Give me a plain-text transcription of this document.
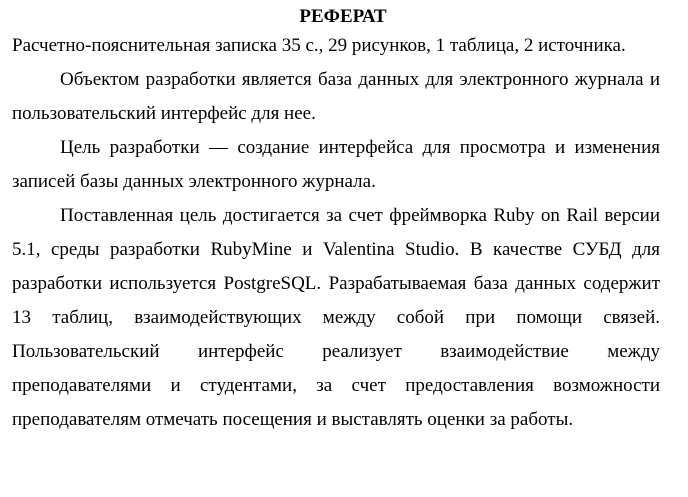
РЕФЕРАТ

Расчетно-пояснительная записка 35 с., 29 рисунков, 1 таблица, 2 источника.

Объектом разработки является база данных для электронного журнала и пользовательский интерфейс для нее.

Цель разработки — создание интерфейса для просмотра и изменения записей базы данных электронного журнала.

Поставленная цель достигается за счет фреймворка Ruby on Rail версии 5.1, среды разработки RubyMine и Valentina Studio. В качестве СУБД для разработки используется PostgreSQL. Разрабатываемая база данных содержит 13 таблиц, взаимодействующих между собой при помощи связей. Пользовательский интерфейс реализует взаимодействие между преподавателями и студентами, за счет предоставления возможности преподавателям отмечать посещения и выставлять оценки за работы.
